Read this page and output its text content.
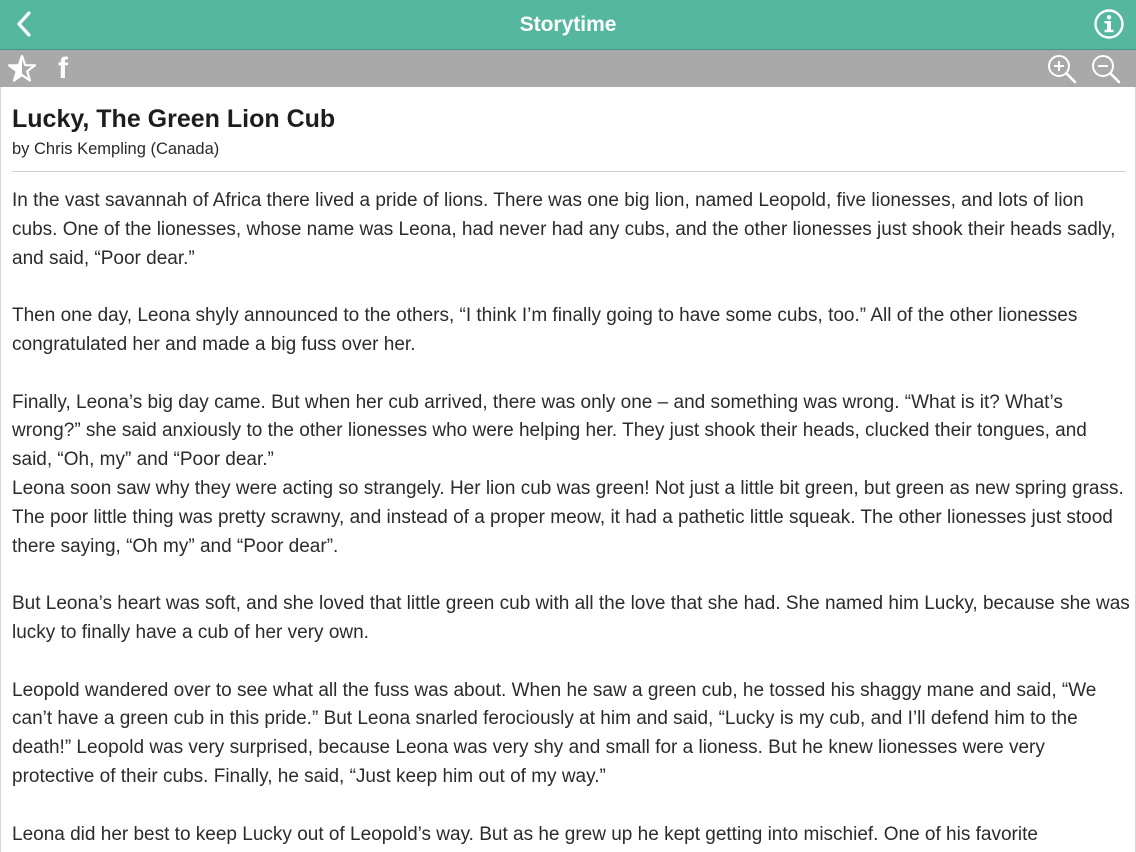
Storytime
f
Lucky, The Green Lion Cub
by Chris Kempling (Canada)

In the vast savannah of Africa there lived a pride of lions. There was one big lion, named Leopold, five lionesses, and lots of lion cubs. One of the lionesses, whose name was Leona, had never had any cubs, and the other lionesses just shook their heads sadly, and said, “Poor dear.”

Then one day, Leona shyly announced to the others, “I think I’m finally going to have some cubs, too.” All of the other lionesses congratulated her and made a big fuss over her.

Finally, Leona’s big day came. But when her cub arrived, there was only one – and something was wrong. “What is it? What’s wrong?” she said anxiously to the other lionesses who were helping her. They just shook their heads, clucked their tongues, and said, “Oh, my” and “Poor dear.”

Leona soon saw why they were acting so strangely. Her lion cub was green! Not just a little bit green, but green as new spring grass. The poor little thing was pretty scrawny, and instead of a proper meow, it had a pathetic little squeak. The other lionesses just stood there saying, “Oh my” and “Poor dear”.

But Leona’s heart was soft, and she loved that little green cub with all the love that she had. She named him Lucky, because she was lucky to finally have a cub of her very own.

Leopold wandered over to see what all the fuss was about. When he saw a green cub, he tossed his shaggy mane and said, “We can’t have a green cub in this pride.” But Leona snarled ferociously at him and said, “Lucky is my cub, and I’ll defend him to the death!” Leopold was very surprised, because Leona was very shy and small for a lioness. But he knew lionesses were very protective of their cubs. Finally, he said, “Just keep him out of my way.”

Leona did her best to keep Lucky out of Leopold’s way. But as he grew up he kept getting into mischief. One of his favorite
